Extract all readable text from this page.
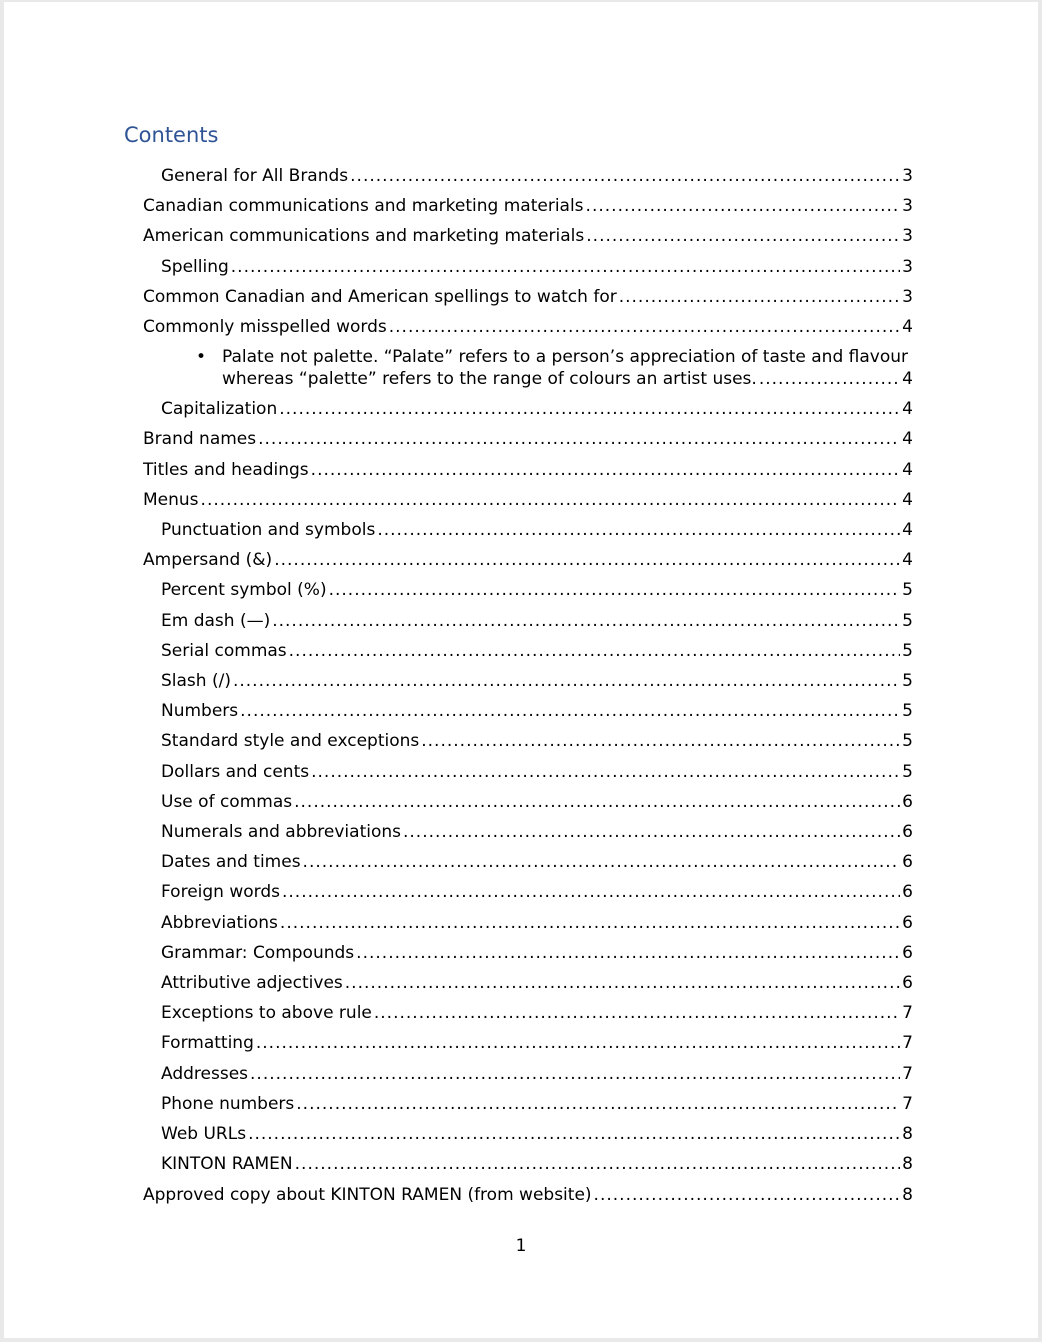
Contents
General for All Brands .....	3
Canadian communications and marketing materials .....	3
American communications and marketing materials .....	3
Spelling .....	3
Common Canadian and American spellings to watch for .....	3
Commonly misspelled words .....	4
• Palate not palette. “Palate” refers to a person’s appreciation of taste and flavour
whereas “palette” refers to the range of colours an artist uses. .....	4
Capitalization .....	4
Brand names .....	4
Titles and headings .....	4
Menus .....	4
Punctuation and symbols .....	4
Ampersand (&) .....	4
Percent symbol (%) .....	5
Em dash (—) .....	5
Serial commas .....	5
Slash (/) .....	5
Numbers .....	5
Standard style and exceptions .....	5
Dollars and cents .....	5
Use of commas .....	6
Numerals and abbreviations .....	6
Dates and times .....	6
Foreign words .....	6
Abbreviations .....	6
Grammar: Compounds .....	6
Attributive adjectives .....	6
Exceptions to above rule .....	7
Formatting .....	7
Addresses .....	7
Phone numbers .....	7
Web URLs .....	8
KINTON RAMEN .....	8
Approved copy about KINTON RAMEN (from website) .....	8
1
